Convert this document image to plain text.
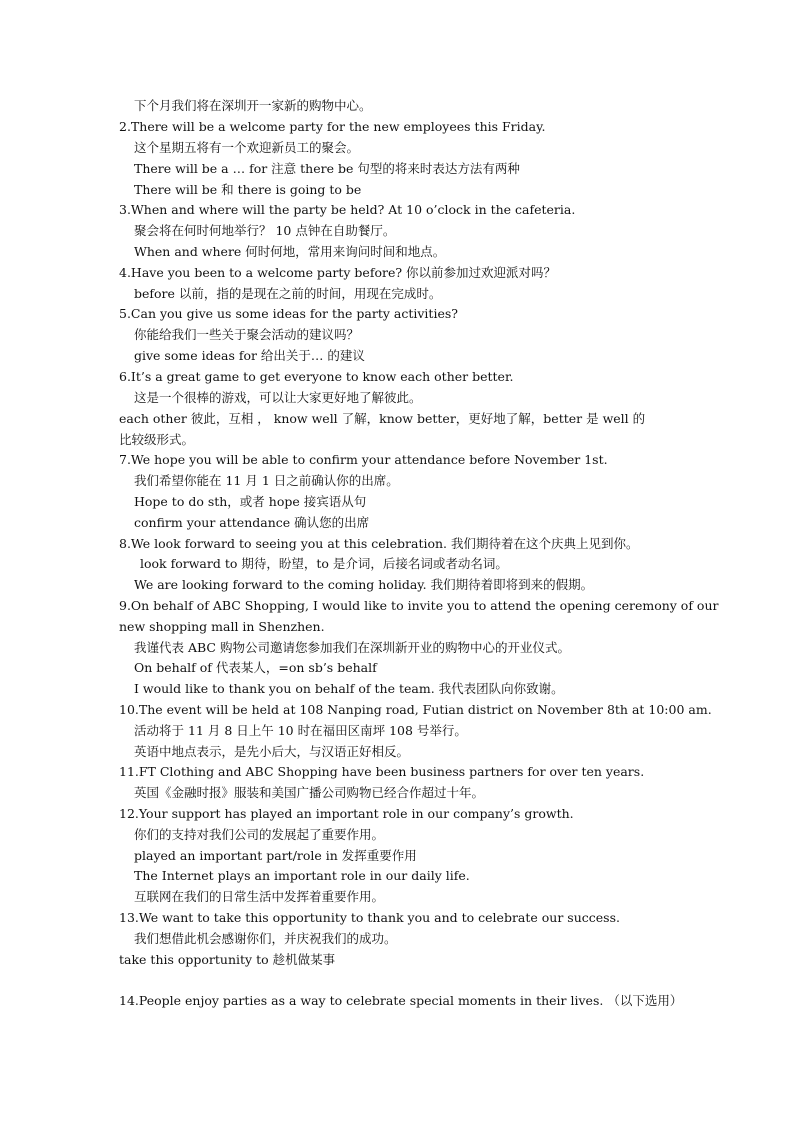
下个月我们将在深圳开一家新的购物中心。
2.There will be a welcome party for the new employees this Friday.
这个星期五将有一个欢迎新员工的聚会。
There will be a … for 注意 there be 句型的将来时表达方法有两种
There will be 和 there is going to be
3.When and where will the party be held? At 10 o’clock in the cafeteria.
聚会将在何时何地举行？ 10 点钟在自助餐厅。
When and where 何时何地，常用来询问时间和地点。
4.Have you been to a welcome party before? 你以前参加过欢迎派对吗？
before 以前，指的是现在之前的时间，用现在完成时。
5.Can you give us some ideas for the party activities?
你能给我们一些关于聚会活动的建议吗？
give some ideas for 给出关于… 的建议
6.It’s a great game to get everyone to know each other better.
这是一个很棒的游戏，可以让大家更好地了解彼此。
each other 彼此，互相 ， know well 了解，know better，更好地了解，better 是 well 的
比较级形式。
7.We hope you will be able to confirm your attendance before November 1st.
我们希望你能在 11 月 1 日之前确认你的出席。
Hope to do sth，或者 hope 接宾语从句
confirm your attendance 确认您的出席
8.We look forward to seeing you at this celebration. 我们期待着在这个庆典上见到你。
look forward to 期待，盼望，to 是介词，后接名词或者动名词。
We are looking forward to the coming holiday. 我们期待着即将到来的假期。
9.On behalf of ABC Shopping, I would like to invite you to attend the opening ceremony of our
new shopping mall in Shenzhen.
我谨代表 ABC 购物公司邀请您参加我们在深圳新开业的购物中心的开业仪式。
On behalf of 代表某人，=on sb’s behalf
I would like to thank you on behalf of the team. 我代表团队向你致谢。
10.The event will be held at 108 Nanping road, Futian district on November 8th at 10:00 am.
活动将于 11 月 8 日上午 10 时在福田区南坪 108 号举行。
英语中地点表示，是先小后大，与汉语正好相反。
11.FT Clothing and ABC Shopping have been business partners for over ten years.
英国《金融时报》服装和美国广播公司购物已经合作超过十年。
12.Your support has played an important role in our company’s growth.
你们的支持对我们公司的发展起了重要作用。
played an important part/role in 发挥重要作用
The Internet plays an important role in our daily life.
互联网在我们的日常生活中发挥着重要作用。
13.We want to take this opportunity to thank you and to celebrate our success.
我们想借此机会感谢你们，并庆祝我们的成功。
take this opportunity to 趁机做某事
14.People enjoy parties as a way to celebrate special moments in their lives. （以下选用）
